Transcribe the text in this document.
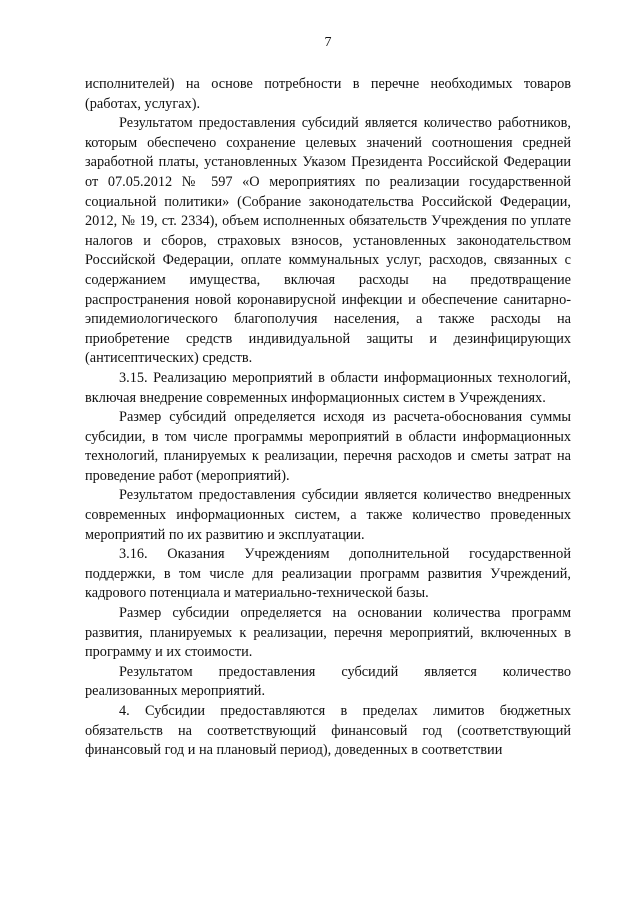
7

исполнителей) на основе потребности в перечне необходимых товаров (работах, услугах).

Результатом предоставления субсидий является количество работников, которым обеспечено сохранение целевых значений соотношения средней заработной платы, установленных Указом Президента Российской Федерации от 07.05.2012 № 597 «О мероприятиях по реализации государственной социальной политики» (Собрание законодательства Российской Федерации, 2012, № 19, ст. 2334), объем исполненных обязательств Учреждения по уплате налогов и сборов, страховых взносов, установленных законодательством Российской Федерации, оплате коммунальных услуг, расходов, связанных с содержанием имущества, включая расходы на предотвращение распространения новой коронавирусной инфекции и обеспечение санитарно-эпидемиологического благополучия населения, а также расходы на приобретение средств индивидуальной защиты и дезинфицирующих (антисептических) средств.

3.15. Реализацию мероприятий в области информационных технологий, включая внедрение современных информационных систем в Учреждениях.

Размер субсидий определяется исходя из расчета-обоснования суммы субсидии, в том числе программы мероприятий в области информационных технологий, планируемых к реализации, перечня расходов и сметы затрат на проведение работ (мероприятий).

Результатом предоставления субсидии является количество внедренных современных информационных систем, а также количество проведенных мероприятий по их развитию и эксплуатации.

3.16. Оказания Учреждениям дополнительной государственной поддержки, в том числе для реализации программ развития Учреждений, кадрового потенциала и материально-технической базы.

Размер субсидии определяется на основании количества программ развития, планируемых к реализации, перечня мероприятий, включенных в программу и их стоимости.

Результатом предоставления субсидий является количество реализованных мероприятий.

4. Субсидии предоставляются в пределах лимитов бюджетных обязательств на соответствующий финансовый год (соответствующий финансовый год и на плановый период), доведенных в соответствии
